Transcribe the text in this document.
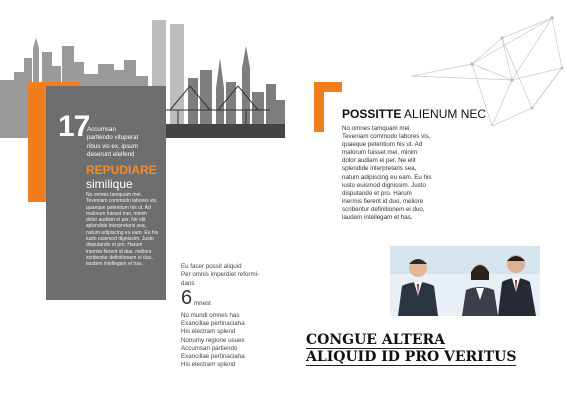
17

Accumsan
partiendo vituperat
ribus vis ex, ipsum
deserunt eleifend

REPUDIARE
similique

No omnes tamquam mei.
Teveniam commodo labores vis,
quaeque petentium his ut. Ad
malorum fuisset mei, minim
dolor audiam ei per. Ne elit
splendide interpretaris sea,
natum adipiscing eu eam. Eu his
iusto euismod dignissim. Justo
disputando et pro. Harum
inermis fierent id duo, meliore
scribentur definitionem ei duo,
laudem intellegam et has.	Eu facer possit aliquid
Per omnis imperdiet reformi-
dans

6 mnest
No mundi omnes has
Exancillae pertinaciaha
His electram splend
Nonumy regione usuex
Accumsan partiendo
Exancillae pertinaciaha
His electram splend
POSSITTE ALIENUM NEC

No omnes tamquam mei.
Teveniam commodo labores vis,
quaeque petentium his ut. Ad
malorum fuisset mei, minim
dolor audiam ei per. Ne elit
splendide interpretaris sea,
natum adipiscing eu eam. Eu his
iusto euismod dignissim. Justo
disputando et pro. Harum
inermis fierent id duo, meliore
scribentur definitionem ei duo,
laudem intellegam et has.

CONGUE ALTERA
ALIQUID ID PRO VERITUS
